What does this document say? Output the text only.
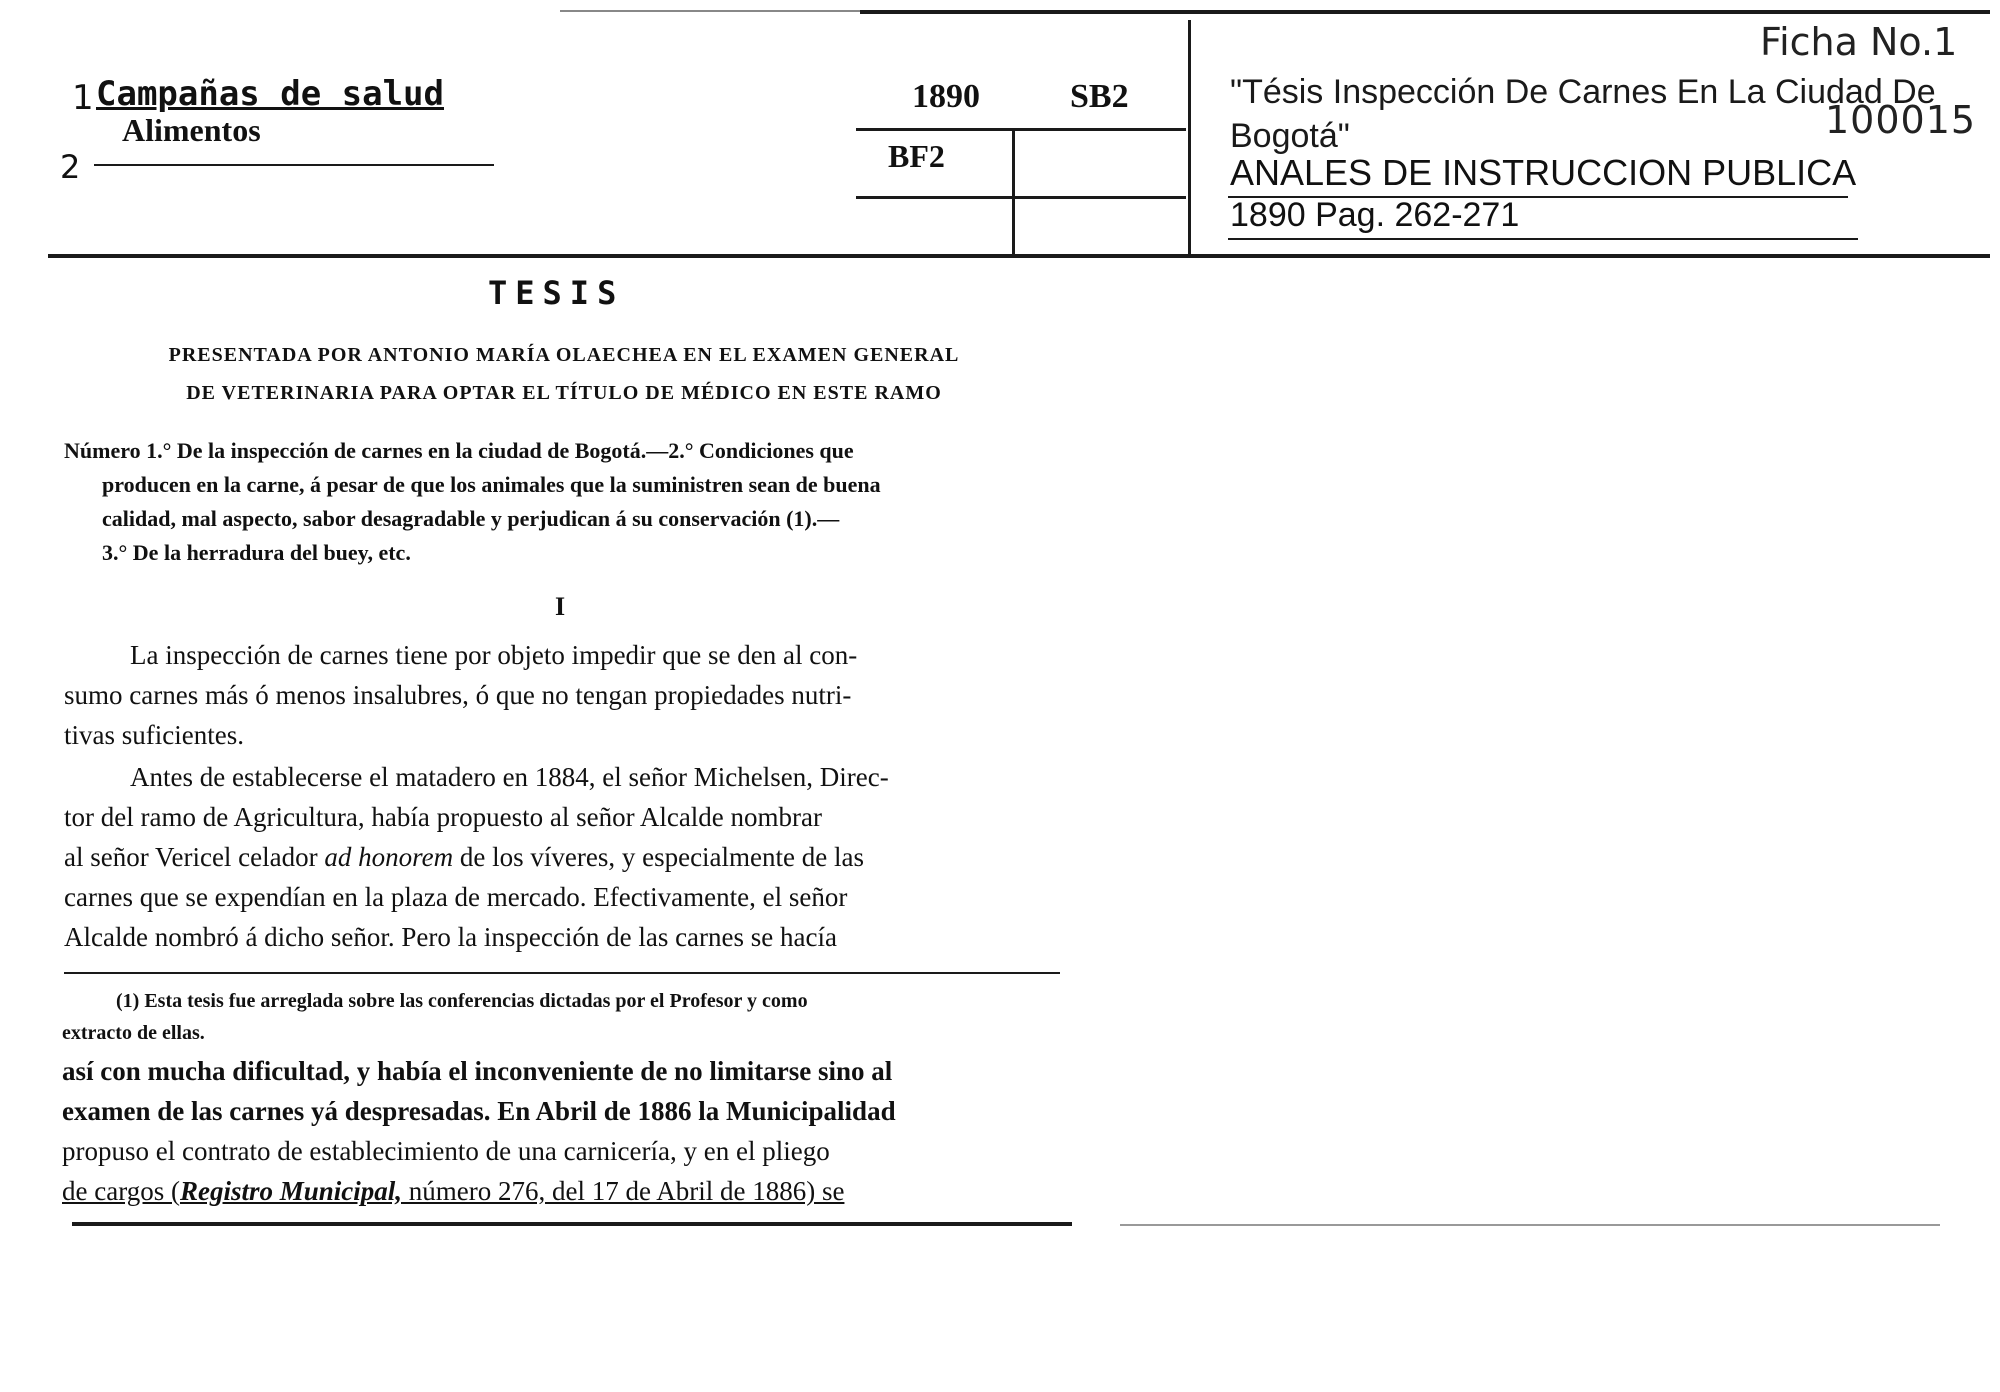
Ficha No.1
100015
1 Campañas de salud
Alimentos
2
1890	SB2
BF2
"Tésis Inspección De Carnes En La Ciudad De Bogotá"
ANALES DE INSTRUCCION PUBLICA
1890 Pag. 262-271
TESIS
PRESENTADA POR ANTONIO MARÍA OLAECHEA EN EL EXAMEN GENERAL
DE VETERINARIA PARA OPTAR EL TÍTULO DE MÉDICO EN ESTE RAMO
Número 1.° De la inspección de carnes en la ciudad de Bogotá.—2.° Condiciones que
producen en la carne, á pesar de que los animales que la suministren sean de buena
calidad, mal aspecto, sabor desagradable y perjudican á su conservación (1).—
3.° De la herradura del buey, etc.
I
La inspección de carnes tiene por objeto impedir que se den al con-
sumo carnes más ó menos insalubres, ó que no tengan propiedades nutri-
tivas suficientes.
Antes de establecerse el matadero en 1884, el señor Michelsen, Direc-
tor del ramo de Agricultura, había propuesto al señor Alcalde nombrar
al señor Vericel celador ad honorem de los víveres, y especialmente de las
carnes que se expendían en la plaza de mercado. Efectivamente, el señor
Alcalde nombró á dicho señor. Pero la inspección de las carnes se hacía
(1) Esta tesis fue arreglada sobre las conferencias dictadas por el Profesor y como
extracto de ellas.
así con mucha dificultad, y había el inconveniente de no limitarse sino al
examen de las carnes yá despresadas. En Abril de 1886 la Municipalidad
propuso el contrato de establecimiento de una carnicería, y en el pliego
de cargos (Registro Municipal, número 276, del 17 de Abril de 1886) se
